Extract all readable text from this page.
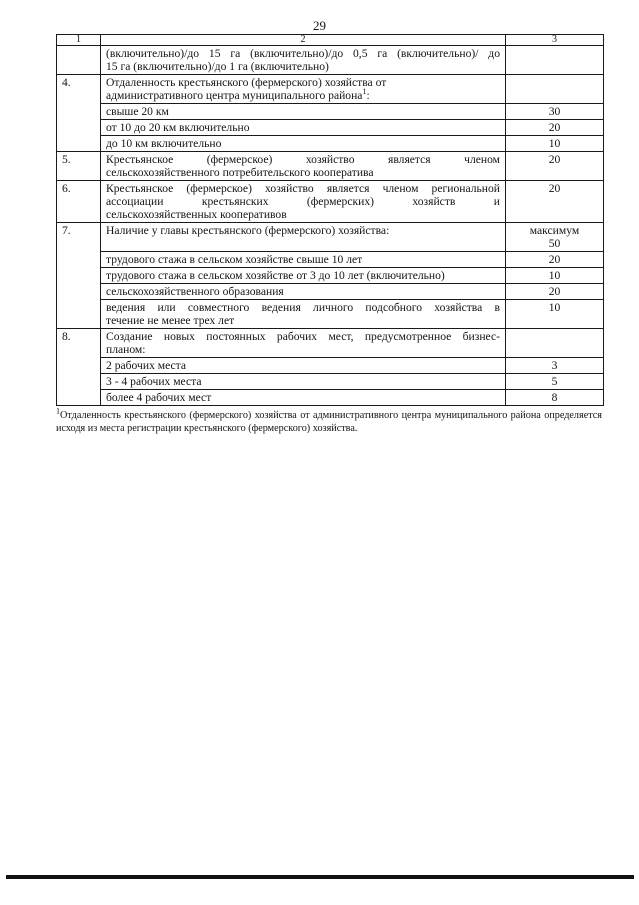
29
1	2	3

	(включительно)/до 15 га (включительно)/до 0,5 га (включительно)/ до
15 га (включительно)/до 1 га (включительно)	

4.	Отдаленность крестьянского (фермерского) хозяйства от
административного центра муниципального района$^1$:	

	свыше 20 км	30
	от 10 до 20 км включительно	20
	до 10 км включительно	10
5.	Крестьянское (фермерское) хозяйство является членом
сельскохозяйственного потребительского кооператива	20
6.	Крестьянское (фермерское) хозяйство является членом региональной
ассоциации крестьянских (фермерских) хозяйств и
сельскохозяйственных кооперативов	20
7.	Наличие у главы крестьянского (фермерского) хозяйства:	максимум
50

	трудового стажа в сельском хозяйстве свыше 10 лет	20
	трудового стажа в сельском хозяйстве от 3 до 10 лет (включительно)	10
	сельскохозяйственного образования	20

	ведения или совместного ведения личного подсобного хозяйства в
течение не менее трех лет	10
8.	Создание новых постоянных рабочих мест, предусмотренное бизнес-
планом:	

	2 рабочих места	3
	3 - 4 рабочих места	5
	более 4 рабочих мест	8
$^1$Отдаленность крестьянского (фермерского) хозяйства от административного центра муниципального района определяется исходя из места регистрации крестьянского (фермерского) хозяйства.
